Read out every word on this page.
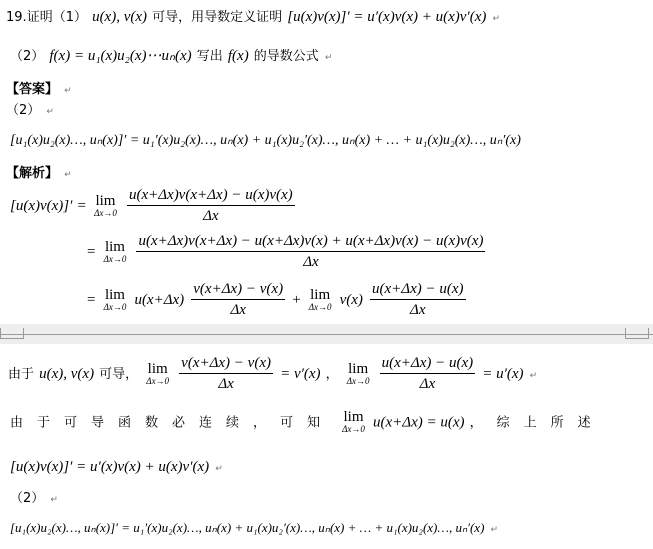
19.证明（1） u(x), v(x) 可导，用导数定义证明 [u(x)v(x)]′ = u′(x)v(x) + u(x)v′(x) ↵
（2） f(x) = u₁(x)u₂(x)⋯uₙ(x) 写出 f(x) 的导数公式 ↵
【答案】 ↵
（2） ↵
[u₁(x)u₂(x)…, uₙ(x)]′ = u₁′(x)u₂(x)…, uₙ(x) + u₁(x)u₂′(x)…, uₙ(x) + … + u₁(x)u₂(x)…, uₙ′(x)
【解析】 ↵
[u(x)v(x)]′ = lim
Δx→0
$\frac{u(x+\Delta x)v(x+\Delta x) - u(x)v(x)}{\Delta x}$
= lim
Δx→0
$\frac{u(x+\Delta x)v(x+\Delta x) - u(x+\Delta x)v(x) + u(x+\Delta x)v(x) - u(x)v(x)}{\Delta x}$
= lim
Δx→0 $u(x+\Delta x) \frac{v(x+\Delta x) - v(x)}{\Delta x} + \lim$
Δx→0 $v(x) \frac{u(x+\Delta x) - u(x)}{\Delta x}$
由于 u(x), v(x) 可导， lim
Δx→0
$\frac{v(x+\Delta x) - v(x)}{\Delta x} = v'(x)$ ， lim
Δx→0
$\frac{u(x+\Delta x) - u(x)}{\Delta x} = u'(x)$ ↵
由于可导函数必连续，可知 lim
Δx→0 u(x+Δx) = u(x) ，综上所述
[u(x)v(x)]′ = u′(x)v(x) + u(x)v′(x) ↵
（2） ↵
[u₁(x)u₂(x)…, uₙ(x)]′ = u₁′(x)u₂(x)…, uₙ(x) + u₁(x)u₂′(x)…, uₙ(x) + … + u₁(x)u₂(x)…, uₙ′(x) ↵
